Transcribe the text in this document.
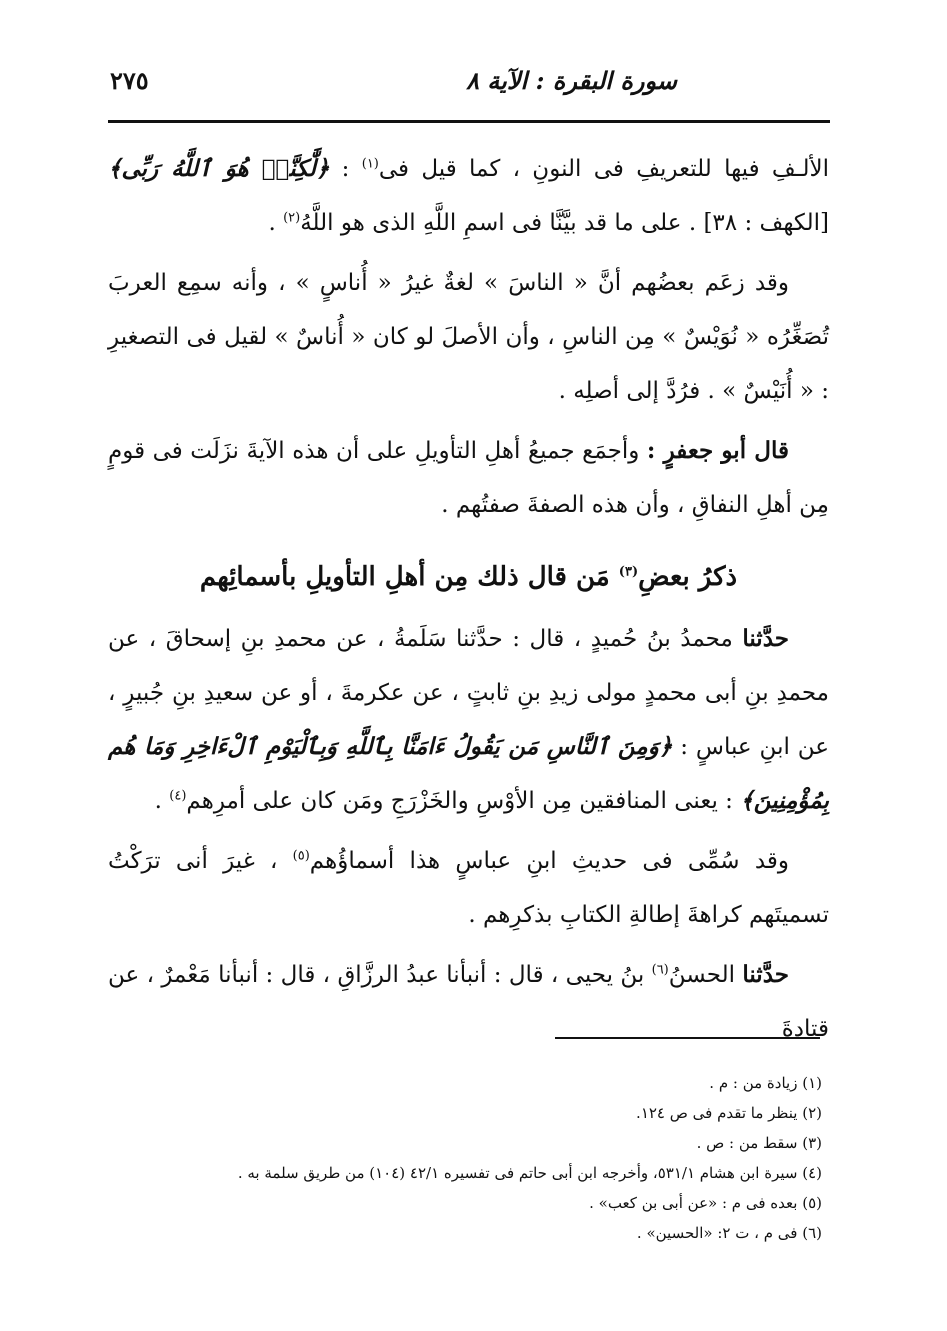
٢٧٥	سورة البقرة : الآية ٨

الألـفِ فيها للتعريفِ فى النونِ ، كما قيل فى$^{(١)}$ : ﴿لَّٰكِنَّا۠ هُوَ ٱللَّهُ رَبِّى﴾ [الكهف : ٣٨] . على ما قد بيَّنَّا فى اسمِ اللَّهِ الذى هو اللَّهُ$^{(٢)}$ .

وقد زعَم بعضُهم أنَّ « الناسَ » لغةٌ غيرُ « أُناسٍ » ، وأنه سمِع العربَ تُصَغِّرُه « نُوَيْسٌ » مِن الناسِ ، وأن الأصلَ لو كان « أُناسٌ » لقيل فى التصغيرِ : « أُنَيْسٌ » . فرُدَّ إلى أصلِه .

قال أبو جعفرٍ : وأجمَع جميعُ أهلِ التأويلِ على أن هذه الآيةَ نزَلَت فى قومٍ مِن أهلِ النفاقِ ، وأن هذه الصفةَ صفتُهم .

ذكرُ بعضِ$^{(٣)}$ مَن قال ذلك مِن أهلِ التأويلِ بأسمائِهم

حدَّثنا محمدُ بنُ حُميدٍ ، قال : حدَّثنا سَلَمةُ ، عن محمدِ بنِ إسحاقَ ، عن محمدِ بنِ أبى محمدٍ مولى زيدِ بنِ ثابتٍ ، عن عكرمةَ ، أو عن سعيدِ بنِ جُبيرٍ ، عن ابنِ عباسٍ : ﴿وَمِنَ ٱلنَّاسِ مَن يَقُولُ ءَامَنَّا بِٱللَّهِ وَبِٱلْيَوْمِ ٱلْءَاخِرِ وَمَا هُم بِمُؤْمِنِينَ﴾ : يعنى المنافقين مِن الأوْسِ والخَزْرَجِ ومَن كان على أمرِهم$^{(٤)}$ .

وقد سُمِّى فى حديثِ ابنِ عباسٍ هذا أسماؤُهم$^{(٥)}$ ، غيرَ أنى ترَكْتُ تسميتَهم كراهةَ إطالةِ الكتابِ بذكرِهم .

حدَّثنا الحسنُ$^{(٦)}$ بنُ يحيى ، قال : أنبأنا عبدُ الرزَّاقِ ، قال : أنبأنا مَعْمرٌ ، عن قتادةَ

(١) زيادة من : م .
(٢) ينظر ما تقدم فى ص ١٢٤.
(٣) سقط من : ص .
(٤) سيرة ابن هشام ٥٣١/١، وأخرجه ابن أبى حاتم فى تفسيره ٤٢/١ (١٠٤) من طريق سلمة به .
(٥) بعده فى م : «عن أبى بن كعب» .
(٦) فى م ، ت ٢: «الحسين» .
